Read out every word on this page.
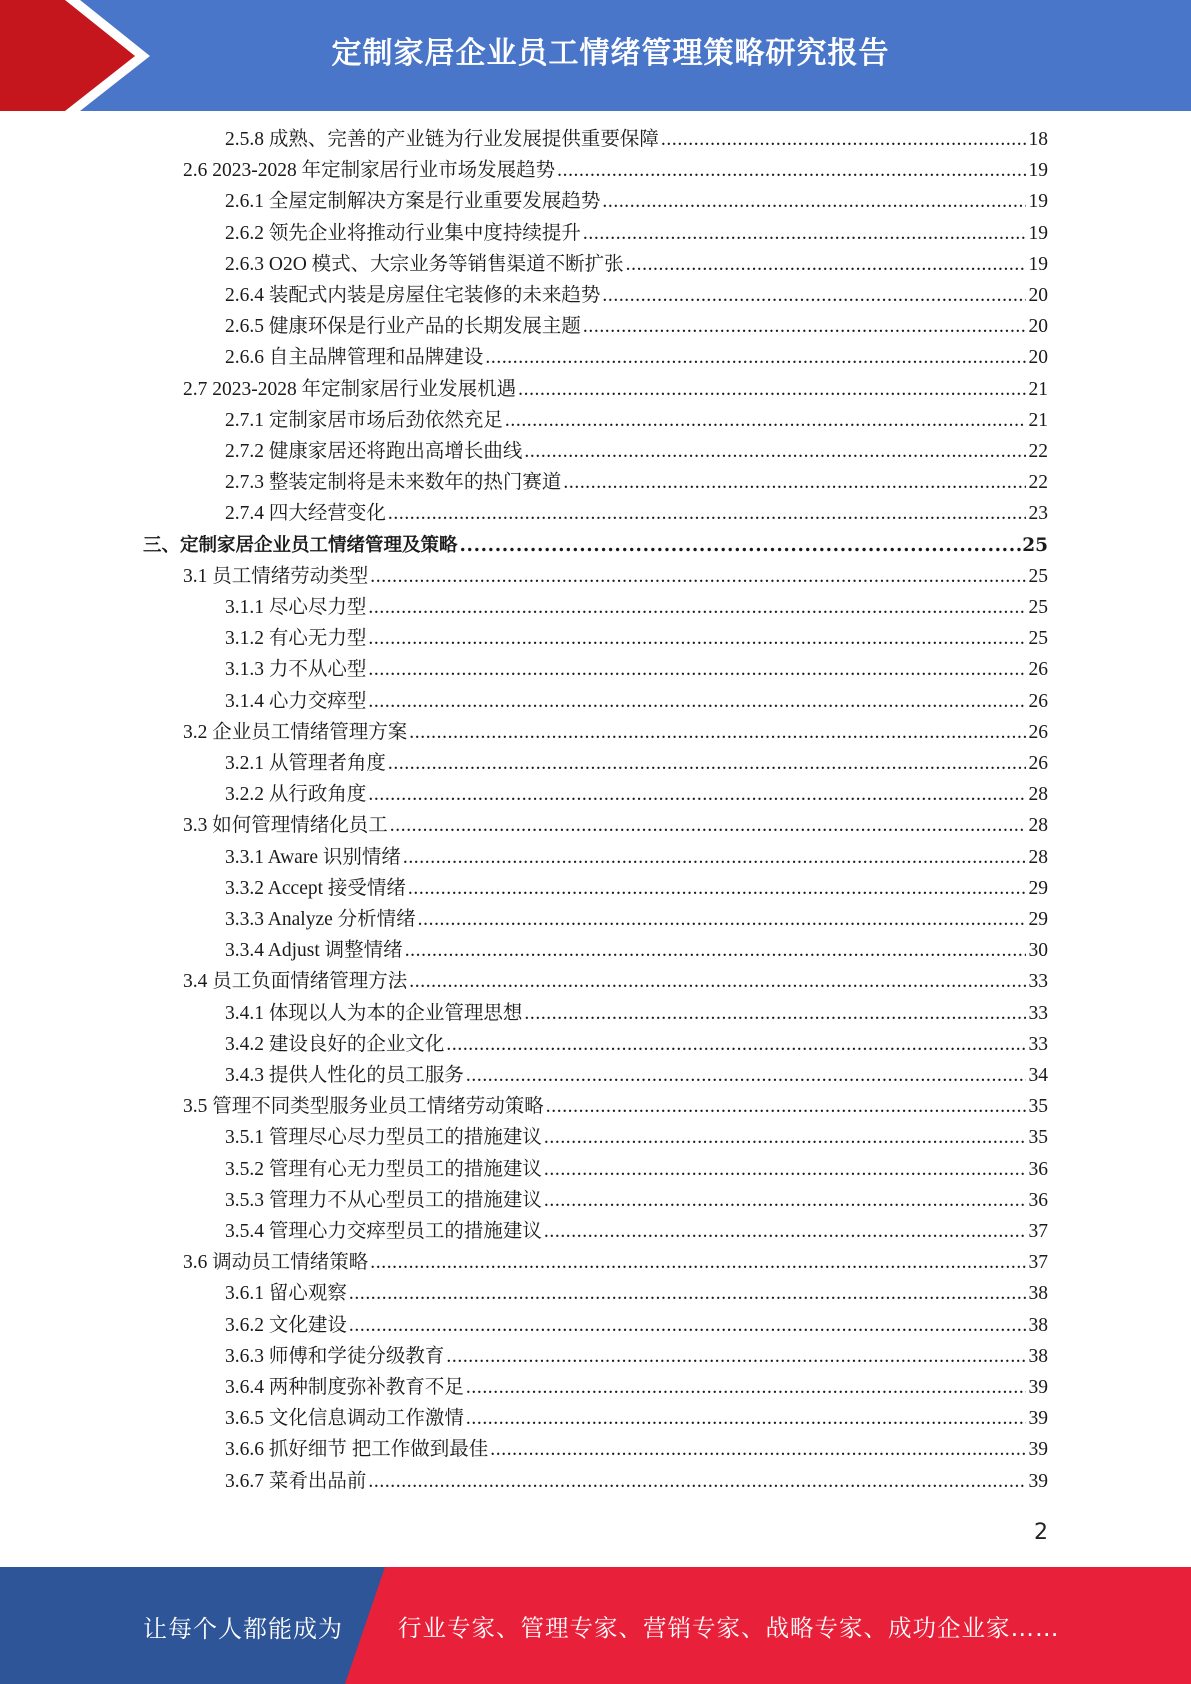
定制家居企业员工情绪管理策略研究报告
2.5.8 成熟、完善的产业链为行业发展提供重要保障 .....	18
2.6 2023-2028 年定制家居行业市场发展趋势 .....	19
2.6.1 全屋定制解决方案是行业重要发展趋势 .....	19
2.6.2 领先企业将推动行业集中度持续提升 .....	19
2.6.3 O2O 模式、大宗业务等销售渠道不断扩张 .....	19
2.6.4 装配式内装是房屋住宅装修的未来趋势 .....	20
2.6.5 健康环保是行业产品的长期发展主题 .....	20
2.6.6 自主品牌管理和品牌建设 .....	20
2.7 2023-2028 年定制家居行业发展机遇 .....	21
2.7.1 定制家居市场后劲依然充足 .....	21
2.7.2 健康家居还将跑出高增长曲线 .....	22
2.7.3 整装定制将是未来数年的热门赛道 .....	22
2.7.4 四大经营变化 .....	23
三、定制家居企业员工情绪管理及策略 .....	25
3.1 员工情绪劳动类型 .....	25
3.1.1 尽心尽力型 .....	25
3.1.2 有心无力型 .....	25
3.1.3 力不从心型 .....	26
3.1.4 心力交瘁型 .....	26
3.2 企业员工情绪管理方案 .....	26
3.2.1 从管理者角度 .....	26
3.2.2 从行政角度 .....	28
3.3 如何管理情绪化员工 .....	28
3.3.1 Aware 识别情绪 .....	28
3.3.2 Accept 接受情绪 .....	29
3.3.3 Analyze 分析情绪 .....	29
3.3.4 Adjust 调整情绪 .....	30
3.4 员工负面情绪管理方法 .....	33
3.4.1 体现以人为本的企业管理思想 .....	33
3.4.2 建设良好的企业文化 .....	33
3.4.3 提供人性化的员工服务 .....	34
3.5 管理不同类型服务业员工情绪劳动策略 .....	35
3.5.1 管理尽心尽力型员工的措施建议 .....	35
3.5.2 管理有心无力型员工的措施建议 .....	36
3.5.3 管理力不从心型员工的措施建议 .....	36
3.5.4 管理心力交瘁型员工的措施建议 .....	37
3.6 调动员工情绪策略 .....	37
3.6.1 留心观察 .....	38
3.6.2 文化建设 .....	38
3.6.3 师傅和学徒分级教育 .....	38
3.6.4 两种制度弥补教育不足 .....	39
3.6.5 文化信息调动工作激情 .....	39
3.6.6 抓好细节 把工作做到最佳 .....	39
3.6.7 菜肴出品前 .....	39
2
让每个人都能成为 行业专家、管理专家、营销专家、战略专家、成功企业家……
